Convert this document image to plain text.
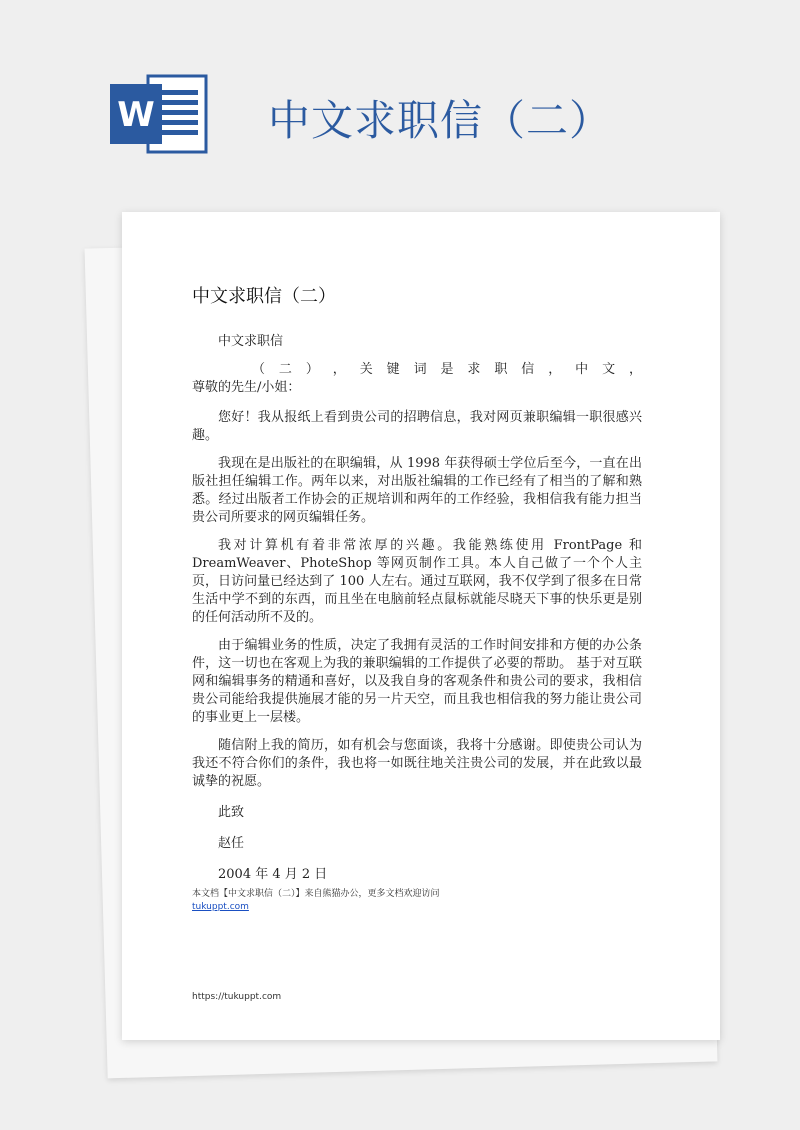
W	中文求职信（二）
中文求职信（二）
中文求职信
（ 二 ） ， 关 键 词 是 求 职 信 ， 中 文 ，
尊敬的先生/小姐：
您好！我从报纸上看到贵公司的招聘信息，我对网页兼职编辑一职很感兴趣。
我现在是出版社的在职编辑，从 1998 年获得硕士学位后至今，一直在出版社担任编辑工作。两年以来，对出版社编辑的工作已经有了相当的了解和熟悉。经过出版者工作协会的正规培训和两年的工作经验，我相信我有能力担当贵公司所要求的网页编辑任务。
我对计算机有着非常浓厚的兴趣。我能熟练使用 FrontPage 和 DreamWeaver、PhoteShop 等网页制作工具。本人自己做了一个个人主页，日访问量已经达到了 100 人左右。通过互联网，我不仅学到了很多在日常生活中学不到的东西，而且坐在电脑前轻点鼠标就能尽晓天下事的快乐更是别的任何活动所不及的。
由于编辑业务的性质，决定了我拥有灵活的工作时间安排和方便的办公条件，这一切也在客观上为我的兼职编辑的工作提供了必要的帮助。 基于对互联网和编辑事务的精通和喜好，以及我自身的客观条件和贵公司的要求，我相信贵公司能给我提供施展才能的另一片天空，而且我也相信我的努力能让贵公司的事业更上一层楼。
随信附上我的简历，如有机会与您面谈，我将十分感谢。即使贵公司认为我还不符合你们的条件，我也将一如既往地关注贵公司的发展，并在此致以最诚挚的祝愿。
此致
赵任
2004 年 4 月 2 日
本文档【中文求职信（二）】来自熊猫办公，更多文档欢迎访问
tukuppt.com
https://tukuppt.com
